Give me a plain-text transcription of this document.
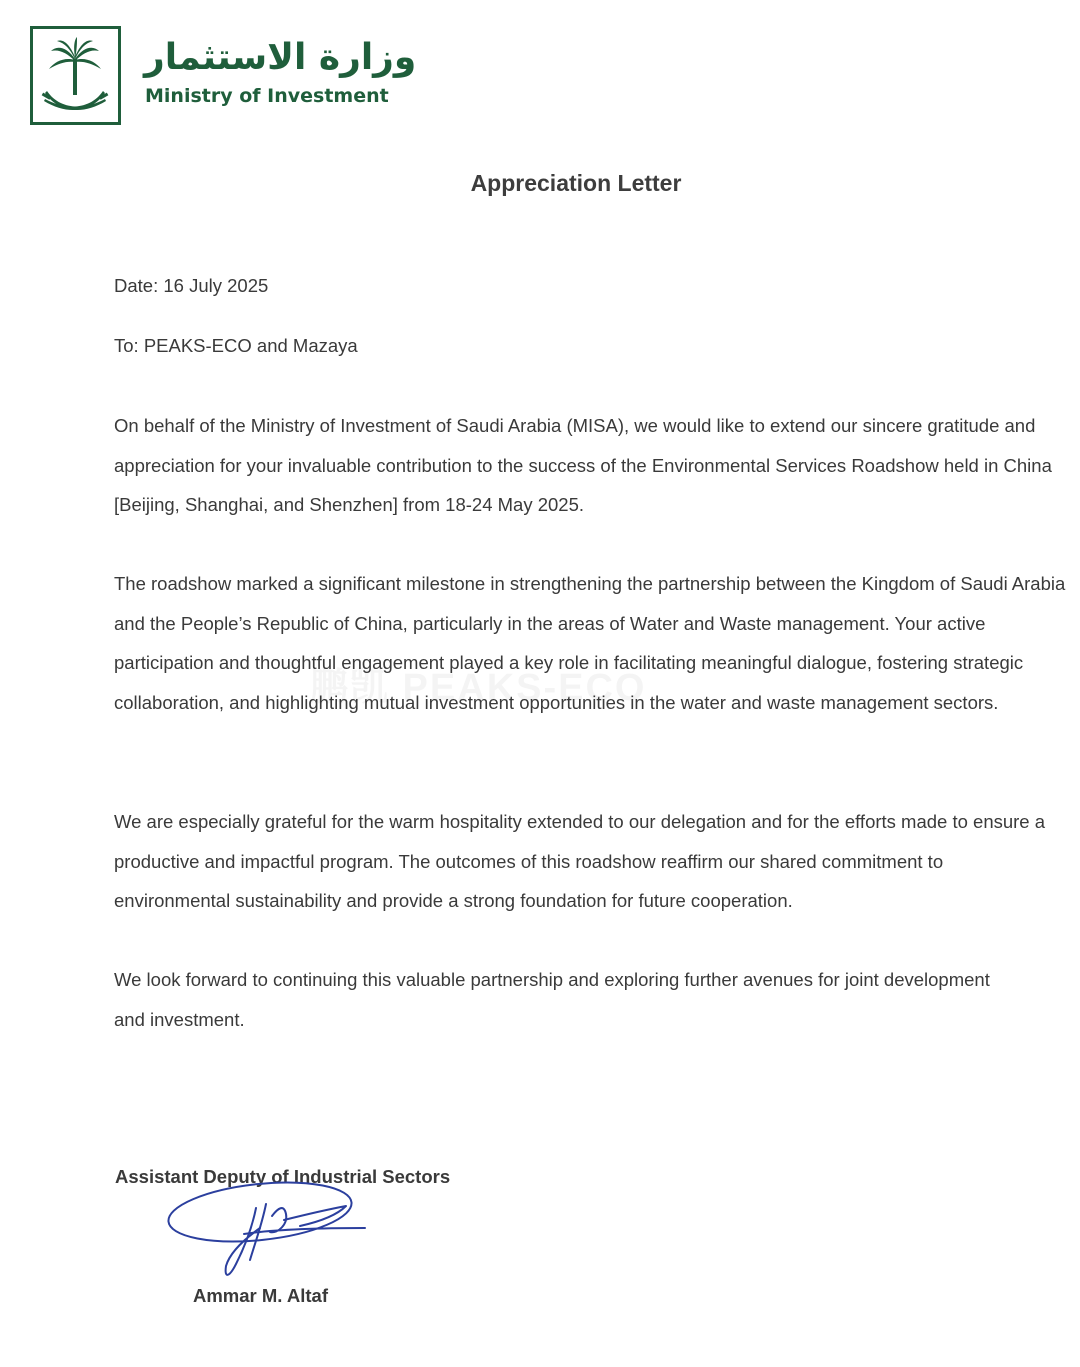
وزارة الاستثمار
Ministry of Investment
Appreciation Letter
Date: 16 July 2025
To: PEAKS-ECO and Mazaya
On behalf of the Ministry of Investment of Saudi Arabia (MISA), we would like to extend our sincere gratitude and appreciation for your invaluable contribution to the success of the Environmental Services Roadshow held in China [Beijing, Shanghai, and Shenzhen] from 18-24 May 2025.
The roadshow marked a significant milestone in strengthening the partnership between the Kingdom of Saudi Arabia and the People’s Republic of China, particularly in the areas of Water and Waste management. Your active participation and thoughtful engagement played a key role in facilitating meaningful dialogue, fostering strategic collaboration, and highlighting mutual investment opportunities in the water and waste management sectors.
We are especially grateful for the warm hospitality extended to our delegation and for the efforts made to ensure a productive and impactful program. The outcomes of this roadshow reaffirm our shared commitment to environmental sustainability and provide a strong foundation for future cooperation.
We look forward to continuing this valuable partnership and exploring further avenues for joint development and investment.
Assistant Deputy of Industrial Sectors
Ammar M. Altaf
